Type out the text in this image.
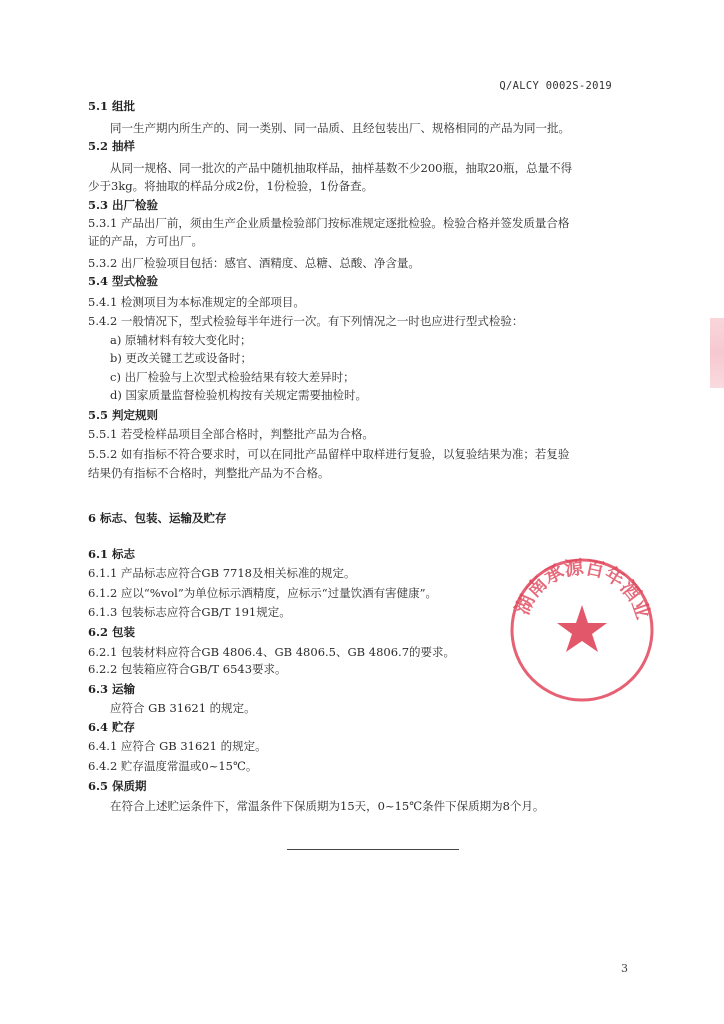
Q/ALCY 0002S-2019
5.1 组批
同一生产期内所生产的、同一类别、同一品质、且经包装出厂、规格相同的产品为同一批。
5.2 抽样
从同一规格、同一批次的产品中随机抽取样品，抽样基数不少200瓶，抽取20瓶，总量不得
少于3kg。将抽取的样品分成2份，1份检验，1份备查。
5.3 出厂检验
5.3.1 产品出厂前，须由生产企业质量检验部门按标准规定逐批检验。检验合格并签发质量合格
证的产品，方可出厂。
5.3.2 出厂检验项目包括：感官、酒精度、总糖、总酸、净含量。
5.4 型式检验
5.4.1 检测项目为本标准规定的全部项目。
5.4.2 一般情况下，型式检验每半年进行一次。有下列情况之一时也应进行型式检验：
a) 原辅材料有较大变化时；
b) 更改关键工艺或设备时；
c) 出厂检验与上次型式检验结果有较大差异时；
d) 国家质量监督检验机构按有关规定需要抽检时。
5.5 判定规则
5.5.1 若受检样品项目全部合格时，判整批产品为合格。
5.5.2 如有指标不符合要求时，可以在同批产品留样中取样进行复验，以复验结果为准；若复验
结果仍有指标不合格时，判整批产品为不合格。
6 标志、包装、运输及贮存
6.1 标志
6.1.1 产品标志应符合GB 7718及相关标准的规定。
6.1.2 应以“%vol”为单位标示酒精度，应标示“过量饮酒有害健康”。
6.1.3 包装标志应符合GB/T 191规定。
6.2 包装
6.2.1 包装材料应符合GB 4806.4、GB 4806.5、GB 4806.7的要求。
6.2.2 包装箱应符合GB/T 6543要求。
6.3 运输
应符合 GB 31621 的规定。
6.4 贮存
6.4.1 应符合 GB 31621 的规定。
6.4.2 贮存温度常温或0~15℃。
6.5 保质期
在符合上述贮运条件下，常温条件下保质期为15天，0~15℃条件下保质期为8个月。
湖南承源百年酒业
3
